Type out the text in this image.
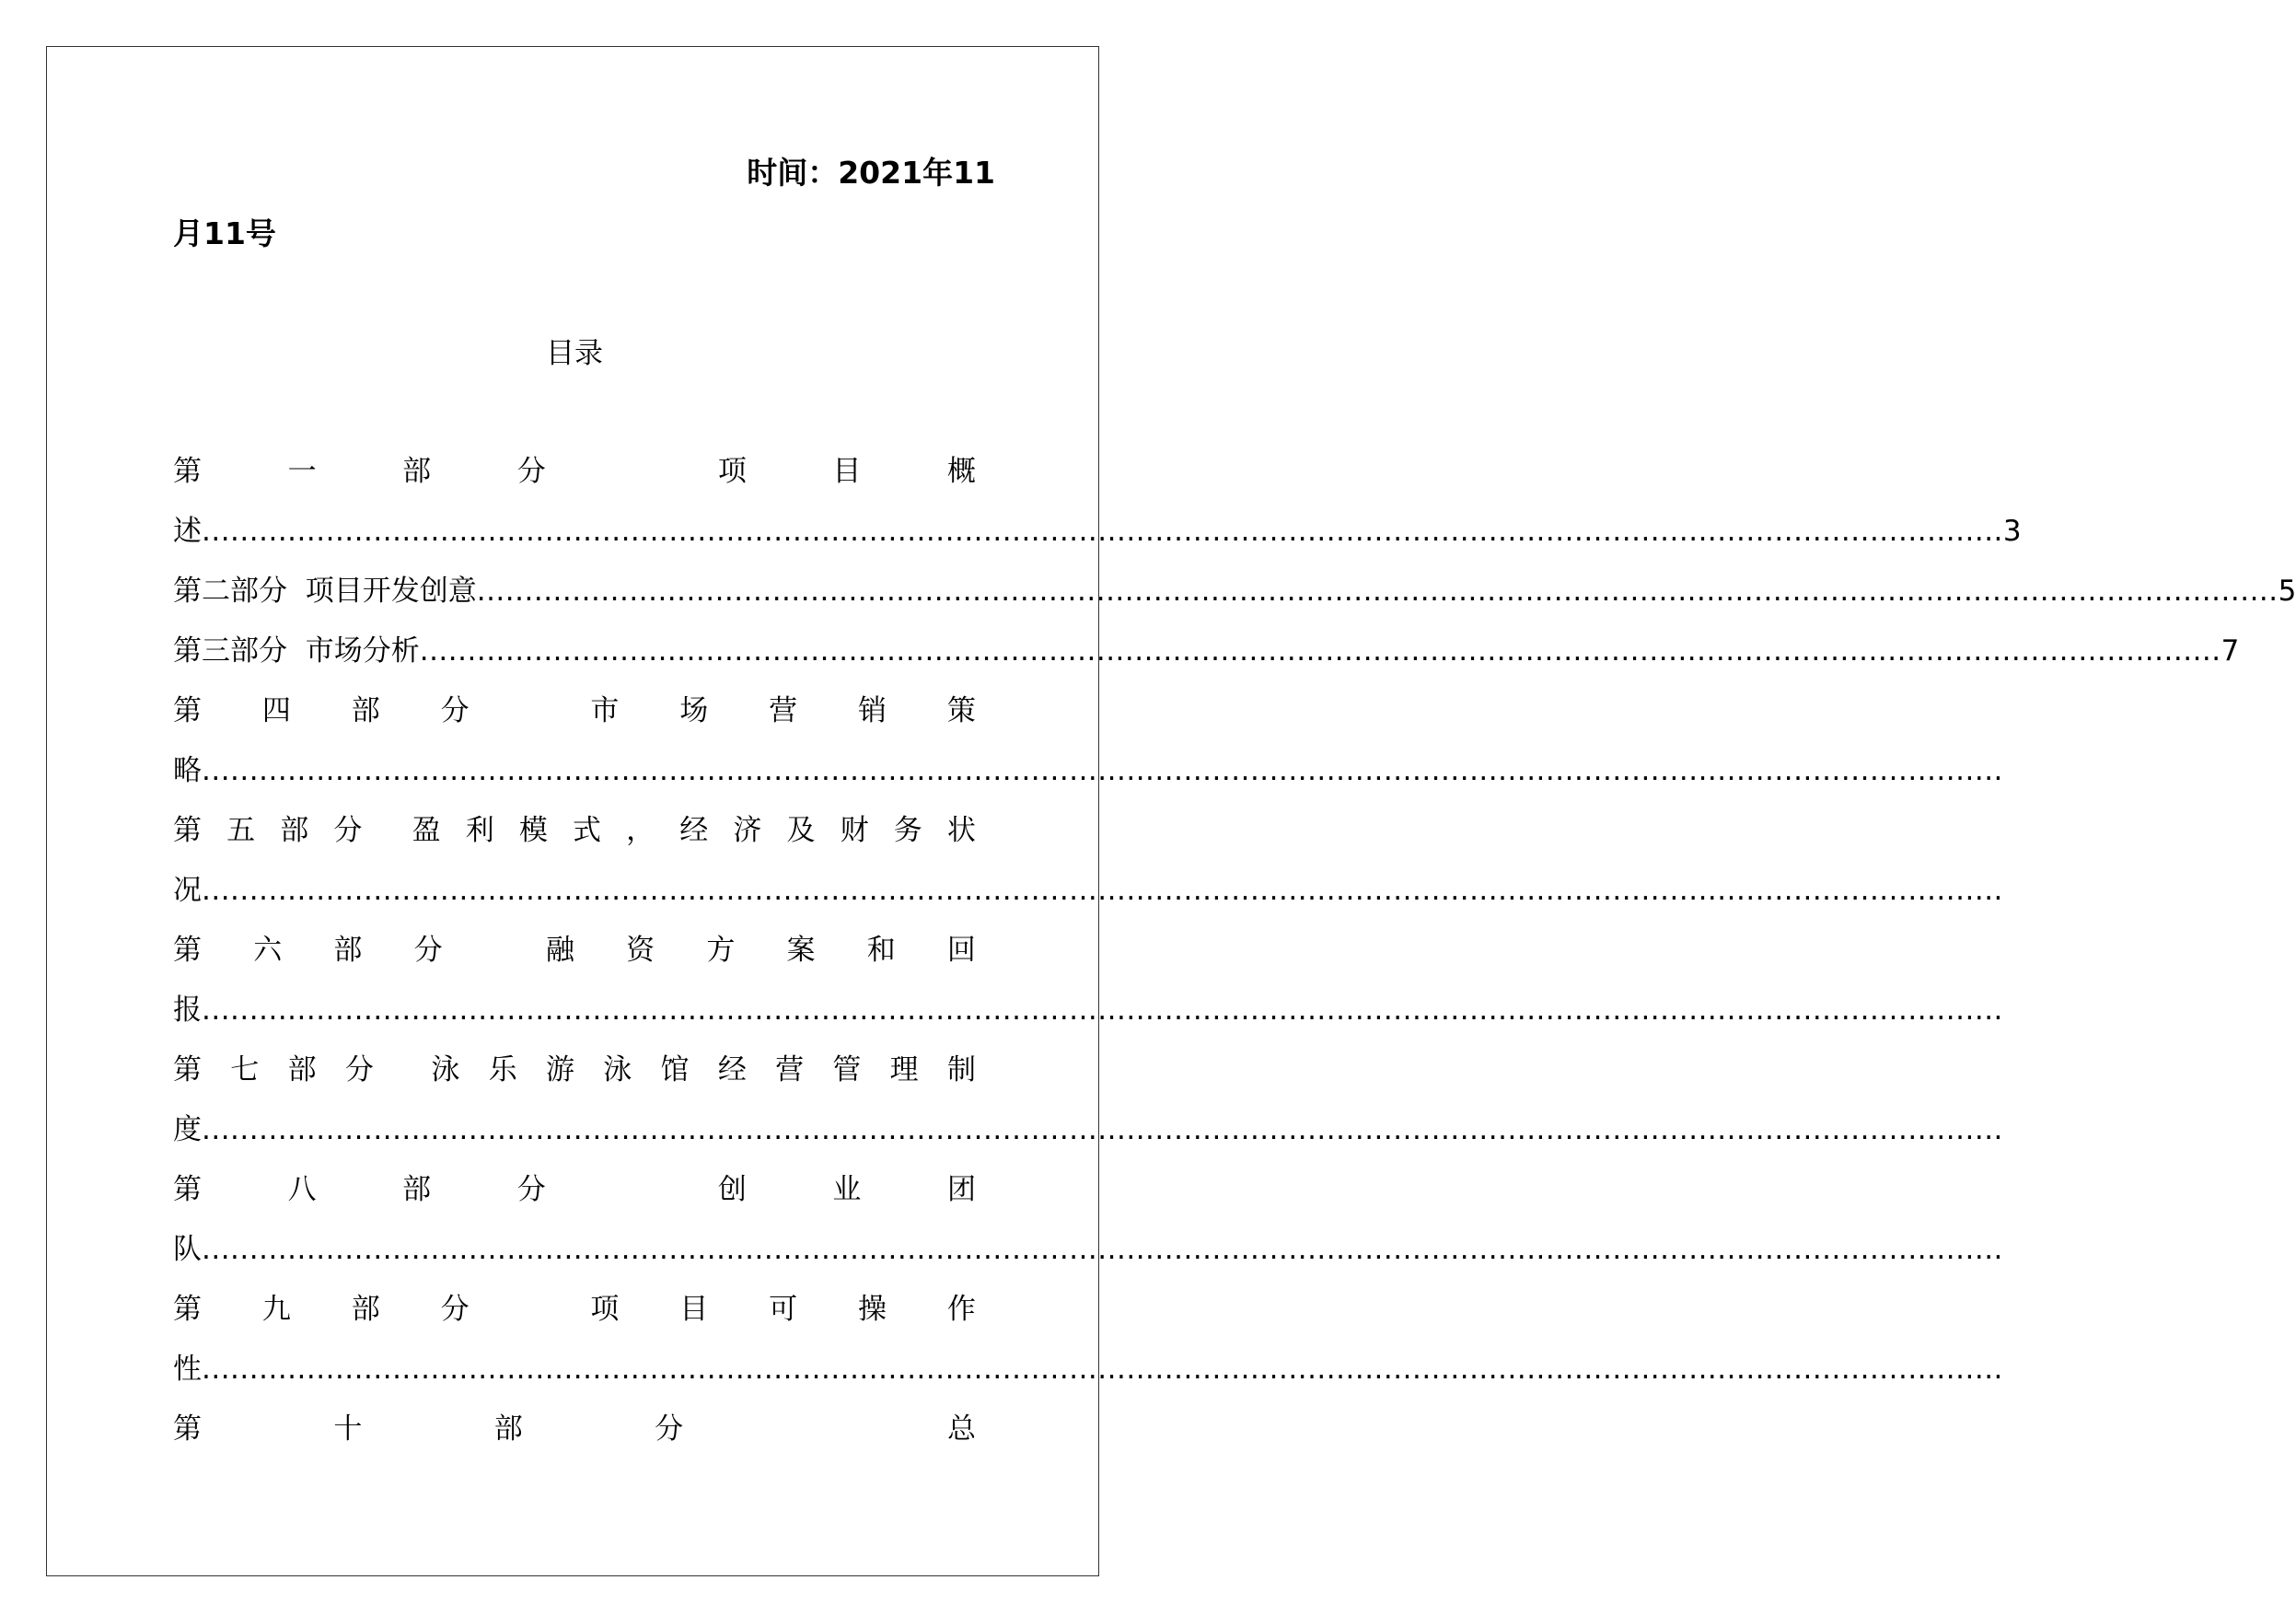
时间：2021年11
月11号
目录
第	一	部	分	项	目	概
述 ............................................................................................................................................................................................. 3
第二部分  项目开发创意 ............................................................................................................................................................................................. 5
第三部分  市场分析 ............................................................................................................................................................................................. 7
第 四 部 分	市 场 营 销 策
略 .............................................................................................................................................................................................
第 五 部 分 盈 利 模 式 ， 经 济 及 财 务 状
况 .............................................................................................................................................................................................
第 六 部 分	融 资 方 案 和 回
报 .............................................................................................................................................................................................
第 七 部 分 泳 乐 游 泳 馆 经 营 管 理 制
度 .............................................................................................................................................................................................
第	八	部	分	创	业	团
队 .............................................................................................................................................................................................
第 九 部 分	项 目 可 操 作
性 .............................................................................................................................................................................................
第	十	部	分	总
